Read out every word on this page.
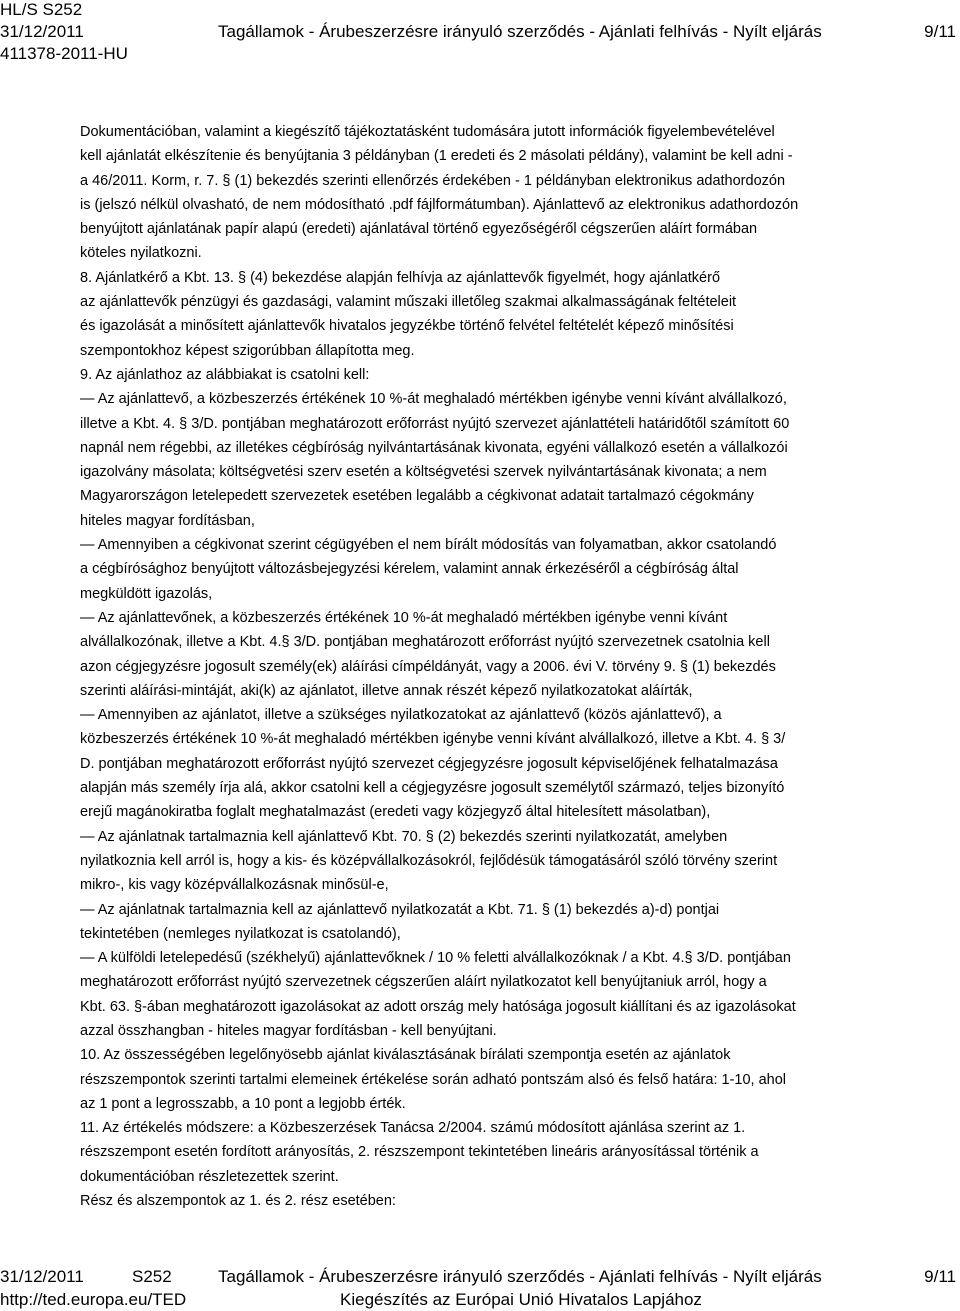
HL/S S252
31/12/2011	Tagállamok - Árubeszerzésre irányuló szerződés - Ajánlati felhívás - Nyílt eljárás	9/11
411378-2011-HU

Dokumentációban, valamint a kiegészítő tájékoztatásként tudomására jutott információk figyelembevételével

kell ajánlatát elkészítenie és benyújtania 3 példányban (1 eredeti és 2 másolati példány), valamint be kell adni -

a 46/2011. Korm, r. 7. § (1) bekezdés szerinti ellenőrzés érdekében - 1 példányban elektronikus adathordozón

is (jelszó nélkül olvasható, de nem módosítható .pdf fájlformátumban). Ajánlattevő az elektronikus adathordozón

benyújtott ajánlatának papír alapú (eredeti) ajánlatával történő egyezőségéről cégszerűen aláírt formában

köteles nyilatkozni.

8. Ajánlatkérő a Kbt. 13. § (4) bekezdése alapján felhívja az ajánlattevők figyelmét, hogy ajánlatkérő

az ajánlattevők pénzügyi és gazdasági, valamint műszaki illetőleg szakmai alkalmasságának feltételeit

és igazolását a minősített ajánlattevők hivatalos jegyzékbe történő felvétel feltételét képező minősítési

szempontokhoz képest szigorúbban állapította meg.

9. Az ajánlathoz az alábbiakat is csatolni kell:

— Az ajánlattevő, a közbeszerzés értékének 10 %-át meghaladó mértékben igénybe venni kívánt alvállalkozó,

illetve a Kbt. 4. § 3/D. pontjában meghatározott erőforrást nyújtó szervezet ajánlattételi határidőtől számított 60

napnál nem régebbi, az illetékes cégbíróság nyilvántartásának kivonata, egyéni vállalkozó esetén a vállalkozói

igazolvány másolata; költségvetési szerv esetén a költségvetési szervek nyilvántartásának kivonata; a nem

Magyarországon letelepedett szervezetek esetében legalább a cégkivonat adatait tartalmazó cégokmány

hiteles magyar fordításban,

— Amennyiben a cégkivonat szerint cégügyében el nem bírált módosítás van folyamatban, akkor csatolandó

a cégbírósághoz benyújtott változásbejegyzési kérelem, valamint annak érkezéséről a cégbíróság által

megküldött igazolás,

— Az ajánlattevőnek, a közbeszerzés értékének 10 %-át meghaladó mértékben igénybe venni kívánt

alvállalkozónak, illetve a Kbt. 4.§ 3/D. pontjában meghatározott erőforrást nyújtó szervezetnek csatolnia kell

azon cégjegyzésre jogosult személy(ek) aláírási címpéldányát, vagy a 2006. évi V. törvény 9. § (1) bekezdés

szerinti aláírási-mintáját, aki(k) az ajánlatot, illetve annak részét képező nyilatkozatokat aláírták,

— Amennyiben az ajánlatot, illetve a szükséges nyilatkozatokat az ajánlattevő (közös ajánlattevő), a

közbeszerzés értékének 10 %-át meghaladó mértékben igénybe venni kívánt alvállalkozó, illetve a Kbt. 4. § 3/

D. pontjában meghatározott erőforrást nyújtó szervezet cégjegyzésre jogosult képviselőjének felhatalmazása

alapján más személy írja alá, akkor csatolni kell a cégjegyzésre jogosult személytől származó, teljes bizonyító

erejű magánokiratba foglalt meghatalmazást (eredeti vagy közjegyző által hitelesített másolatban),

— Az ajánlatnak tartalmaznia kell ajánlattevő Kbt. 70. § (2) bekezdés szerinti nyilatkozatát, amelyben

nyilatkoznia kell arról is, hogy a kis- és középvállalkozásokról, fejlődésük támogatásáról szóló törvény szerint

mikro-, kis vagy középvállalkozásnak minősül-e,

— Az ajánlatnak tartalmaznia kell az ajánlattevő nyilatkozatát a Kbt. 71. § (1) bekezdés a)-d) pontjai

tekintetében (nemleges nyilatkozat is csatolandó),

— A külföldi letelepedésű (székhelyű) ajánlattevőknek / 10 % feletti alvállalkozóknak / a Kbt. 4.§ 3/D. pontjában

meghatározott erőforrást nyújtó szervezetnek cégszerűen aláírt nyilatkozatot kell benyújtaniuk arról, hogy a

Kbt. 63. §-ában meghatározott igazolásokat az adott ország mely hatósága jogosult kiállítani és az igazolásokat

azzal összhangban - hiteles magyar fordításban - kell benyújtani.

10. Az összességében legelőnyösebb ajánlat kiválasztásának bírálati szempontja esetén az ajánlatok

részszempontok szerinti tartalmi elemeinek értékelése során adható pontszám alsó és felső határa: 1-10, ahol

az 1 pont a legrosszabb, a 10 pont a legjobb érték.

11. Az értékelés módszere: a Közbeszerzések Tanácsa 2/2004. számú módosított ajánlása szerint az 1.

részszempont esetén fordított arányosítás, 2. részszempont tekintetében lineáris arányosítással történik a

dokumentációban részletezettek szerint.

Rész és alszempontok az 1. és 2. rész esetében:

31/12/2011	S252	Tagállamok - Árubeszerzésre irányuló szerződés - Ajánlati felhívás - Nyílt eljárás	9/11
http://ted.europa.eu/TED	Kiegészítés az Európai Unió Hivatalos Lapjához
